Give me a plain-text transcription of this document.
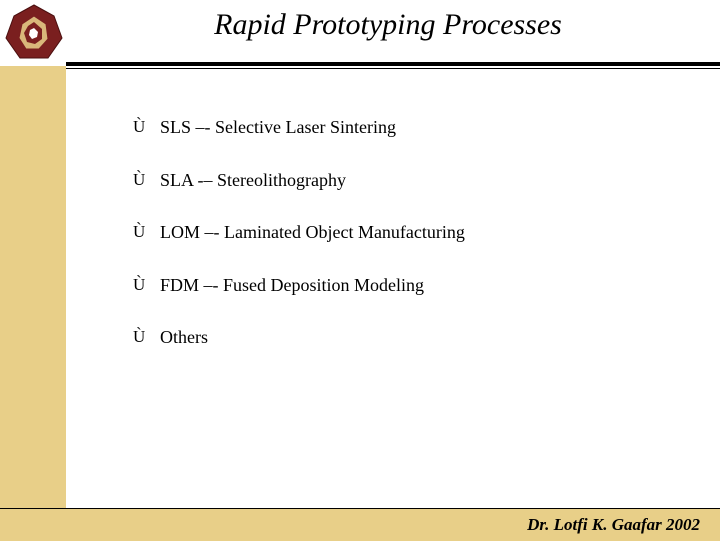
Rapid Prototyping Processes
Dr. Lotfi K. Gaafar 2002
Ù SLS –- Selective Laser Sintering
Ù SLA -– Stereolithography
Ù LOM –- Laminated Object Manufacturing
Ù FDM –- Fused Deposition Modeling
Ù Others
